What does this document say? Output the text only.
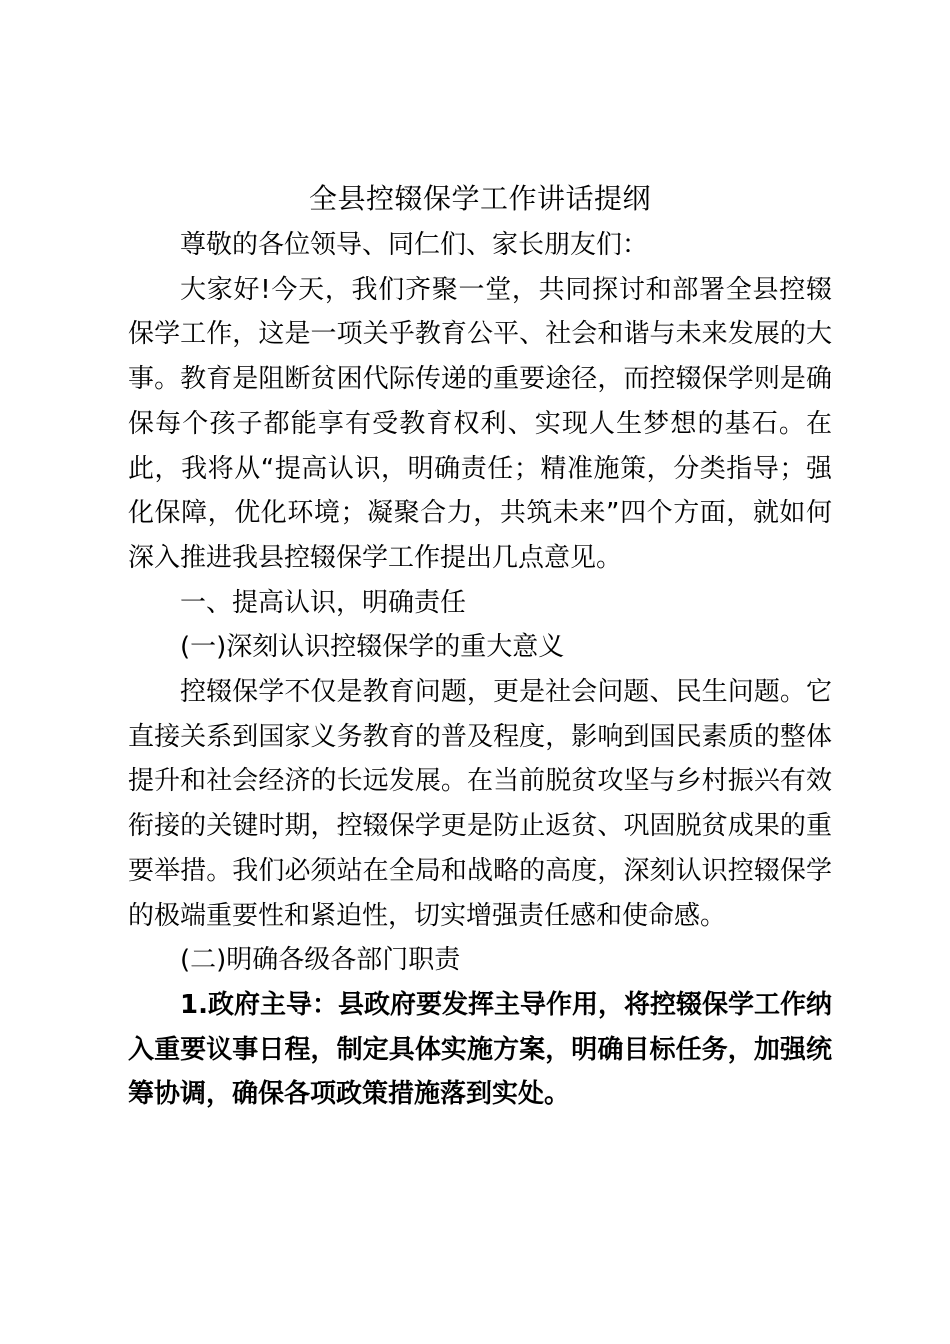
全县控辍保学工作讲话提纲

尊敬的各位领导、同仁们、家长朋友们：

大家好!今天，我们齐聚一堂，共同探讨和部署全县控辍保学工作，这是一项关乎教育公平、社会和谐与未来发展的大事。教育是阻断贫困代际传递的重要途径，而控辍保学则是确保每个孩子都能享有受教育权利、实现人生梦想的基石。在此，我将从“提高认识，明确责任；精准施策，分类指导；强化保障，优化环境；凝聚合力，共筑未来”四个方面，就如何深入推进我县控辍保学工作提出几点意见。

一、提高认识，明确责任

(一)深刻认识控辍保学的重大意义

控辍保学不仅是教育问题，更是社会问题、民生问题。它直接关系到国家义务教育的普及程度，影响到国民素质的整体提升和社会经济的长远发展。在当前脱贫攻坚与乡村振兴有效衔接的关键时期，控辍保学更是防止返贫、巩固脱贫成果的重要举措。我们必须站在全局和战略的高度，深刻认识控辍保学的极端重要性和紧迫性，切实增强责任感和使命感。

(二)明确各级各部门职责

1.政府主导：县政府要发挥主导作用，将控辍保学工作纳入重要议事日程，制定具体实施方案，明确目标任务，加强统筹协调，确保各项政策措施落到实处。
